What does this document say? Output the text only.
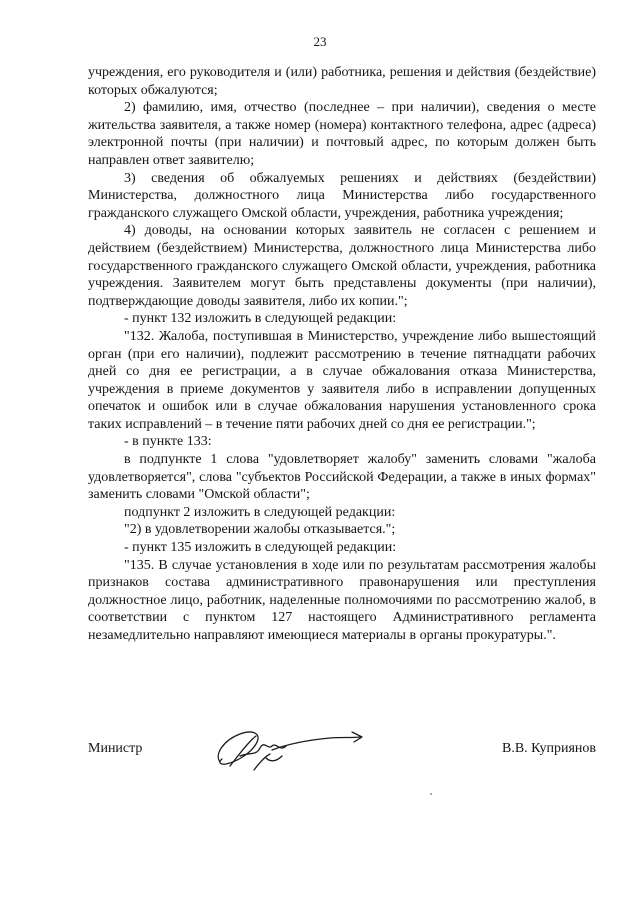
23

учреждения, его руководителя и (или) работника, решения и действия (бездействие) которых обжалуются;

2) фамилию, имя, отчество (последнее – при наличии), сведения о месте жительства заявителя, а также номер (номера) контактного телефона, адрес (адреса) электронной почты (при наличии) и почтовый адрес, по которым должен быть направлен ответ заявителю;

3) сведения об обжалуемых решениях и действиях (бездействии) Министерства, должностного лица Министерства либо государственного гражданского служащего Омской области, учреждения, работника учреждения;

4) доводы, на основании которых заявитель не согласен с решением и действием (бездействием) Министерства, должностного лица Министерства либо государственного гражданского служащего Омской области, учреждения, работника учреждения. Заявителем могут быть представлены документы (при наличии), подтверждающие доводы заявителя, либо их копии.";

- пункт 132 изложить в следующей редакции:

"132. Жалоба, поступившая в Министерство, учреждение либо вышестоящий орган (при его наличии), подлежит рассмотрению в течение пятнадцати рабочих дней со дня ее регистрации, а в случае обжалования отказа Министерства, учреждения в приеме документов у заявителя либо в исправлении допущенных опечаток и ошибок или в случае обжалования нарушения установленного срока таких исправлений – в течение пяти рабочих дней со дня ее регистрации.";

- в пункте 133:

в подпункте 1 слова "удовлетворяет жалобу" заменить словами "жалоба удовлетворяется", слова "субъектов Российской Федерации, а также в иных формах" заменить словами "Омской области";

подпункт 2 изложить в следующей редакции:

"2) в удовлетворении жалобы отказывается.";

- пункт 135 изложить в следующей редакции:

"135. В случае установления в ходе или по результатам рассмотрения жалобы признаков состава административного правонарушения или преступления должностное лицо, работник, наделенные полномочиями по рассмотрению жалоб, в соответствии с пунктом 127 настоящего Административного регламента незамедлительно направляют имеющиеся материалы в органы прокуратуры.".

Министр	В.В. Куприянов
